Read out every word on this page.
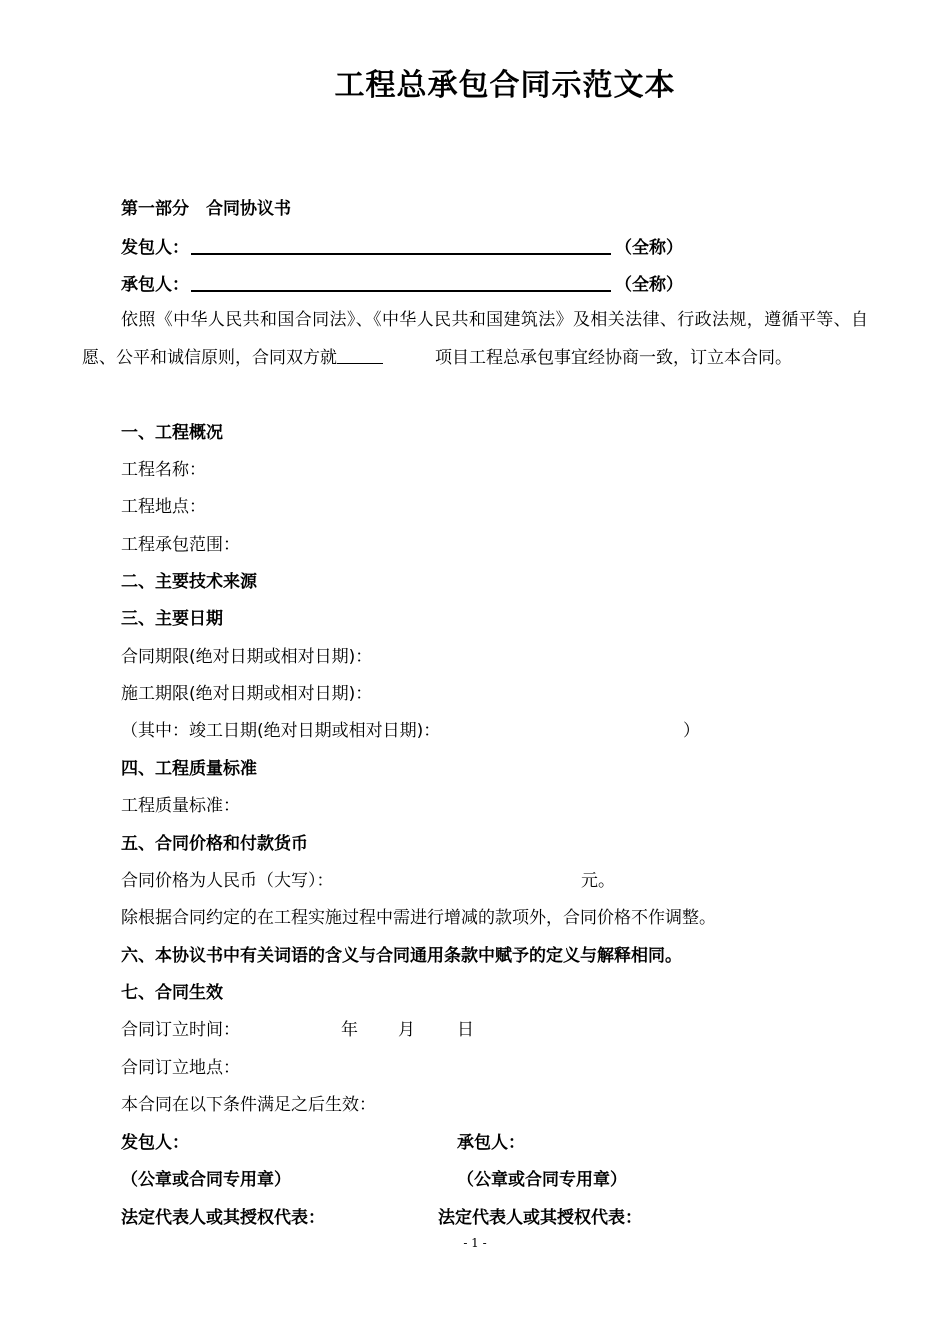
工程总承包合同示范文本
第一部分　合同协议书
发包人：	（全称）
承包人：	（全称）
依照《中华人民共和国合同法》、《中华人民共和国建筑法》及相关法律、行政法规，遵循平等、自愿、公平和诚信原则，合同双方就	项目工程总承包事宜经协商一致，订立本合同。
一、工程概况
工程名称：
工程地点：
工程承包范围：
二、主要技术来源
三、主要日期
合同期限(绝对日期或相对日期)：
施工期限(绝对日期或相对日期)：
（其中：竣工日期(绝对日期或相对日期)：	）
四、工程质量标准
工程质量标准：
五、合同价格和付款货币
合同价格为人民币（大写）：	元。
除根据合同约定的在工程实施过程中需进行增减的款项外，合同价格不作调整。
六、本协议书中有关词语的含义与合同通用条款中赋予的定义与解释相同。
七、合同生效
合同订立时间：	年 月 日
合同订立地点：
本合同在以下条件满足之后生效：
发包人：	承包人：
（公章或合同专用章）	（公章或合同专用章）
法定代表人或其授权代表：	法定代表人或其授权代表：
- 1 -
